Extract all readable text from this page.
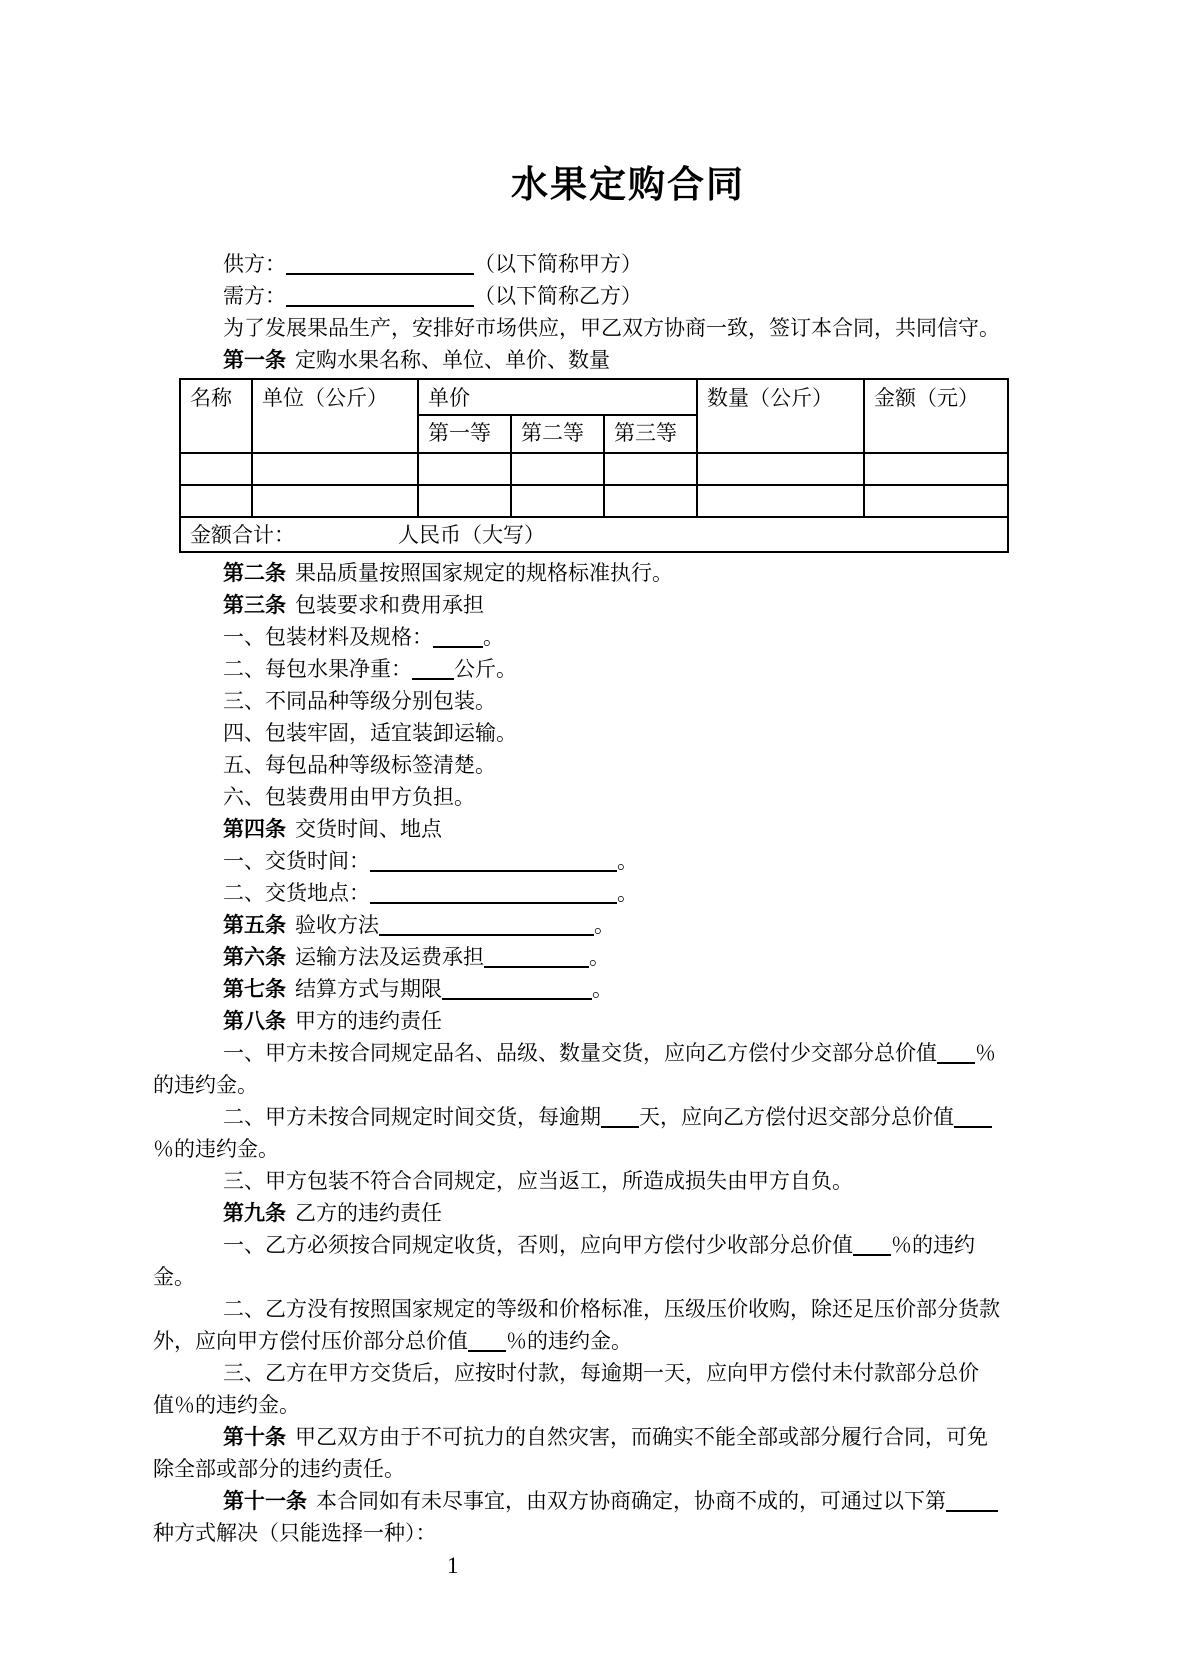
水果定购合同

供方：	（以下简称甲方）

需方：	（以下简称乙方）

为了发展果品生产，安排好市场供应，甲乙双方协商一致，签订本合同，共同信守。

第一条 定购水果名称、单位、单价、数量

名称	单位（公斤）	单价			数量（公斤）	金额（元）
		第一等	第二等	第三等		

金额合计： 人民币（大写）						

第二条 果品质量按照国家规定的规格标准执行。

第三条 包装要求和费用承担

一、包装材料及规格： 。

二、每包水果净重： 公斤。

三、不同品种等级分别包装。

四、包装牢固，适宜装卸运输。

五、每包品种等级标签清楚。

六、包装费用由甲方负担。

第四条 交货时间、地点

一、交货时间：	。

二、交货地点：	。

第五条 验收方法	。

第六条 运输方法及运费承担	。

第七条 结算方式与期限	。

第八条 甲方的违约责任

一、甲方未按合同规定品名、品级、数量交货，应向乙方偿付少交部分总价值 ％的违约金。

二、甲方未按合同规定时间交货，每逾期 天，应向乙方偿付迟交部分总价值％的违约金。

三、甲方包装不符合合同规定，应当返工，所造成损失由甲方自负。

第九条 乙方的违约责任

一、乙方必须按合同规定收货，否则，应向甲方偿付少收部分总价值 ％的违约金。

二、乙方没有按照国家规定的等级和价格标准，压级压价收购，除还足压价部分货款外，应向甲方偿付压价部分总价值 ％的违约金。

三、乙方在甲方交货后，应按时付款，每逾期一天，应向甲方偿付未付款部分总价值％的违约金。

第十条 甲乙双方由于不可抗力的自然灾害，而确实不能全部或部分履行合同，可免除全部或部分的违约责任。

第十一条 本合同如有未尽事宜，由双方协商确定，协商不成的，可通过以下第种方式解决（只能选择一种）：

1
